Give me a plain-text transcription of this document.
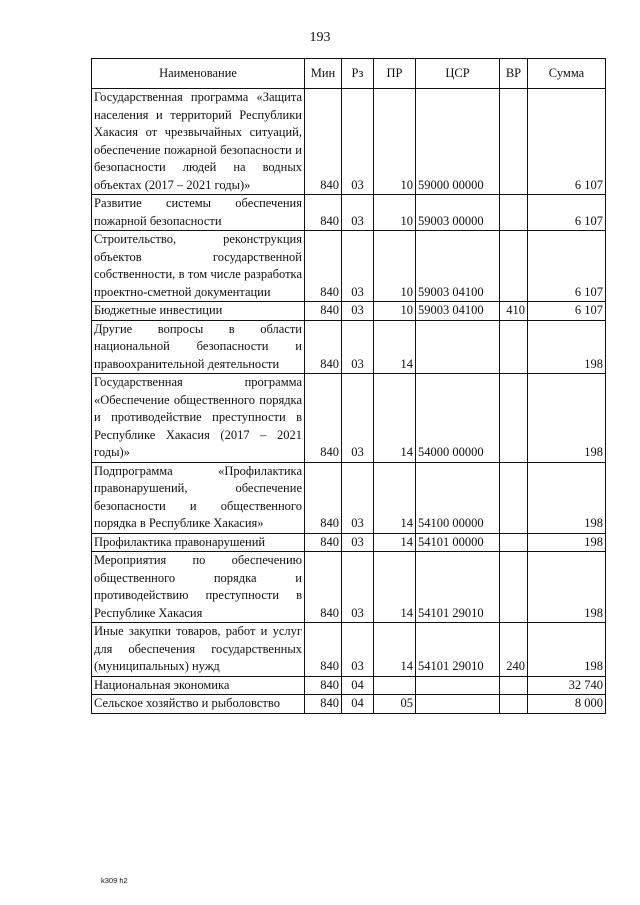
193
Наименование	Мин	Рз	ПР	ЦСР	ВР	Сумма
Государственная программа «Защита населения и территорий Республики Хакасия от чрезвычайных ситуаций, обеспечение пожарной безопасности и безопасности людей на водных объектах (2017 – 2021 годы)»	840	03	10	59000 00000		6 107
Развитие системы обеспечения пожарной безопасности	840	03	10	59003 00000		6 107
Строительство, реконструкция объектов государственной собственности, в том числе разработка проектно-сметной документации	840	03	10	59003 04100		6 107
Бюджетные инвестиции	840	03	10	59003 04100	410	6 107
Другие вопросы в области национальной безопасности и правоохранительной деятельности	840	03	14			198
Государственная программа «Обеспечение общественного порядка и противодействие преступности в Республике Хакасия (2017 – 2021 годы)»	840	03	14	54000 00000		198
Подпрограмма «Профилактика правонарушений, обеспечение безопасности и общественного порядка в Республике Хакасия»	840	03	14	54100 00000		198
Профилактика правонарушений	840	03	14	54101 00000		198
Мероприятия по обеспечению общественного порядка и противодействию преступности в Республике Хакасия	840	03	14	54101 29010		198
Иные закупки товаров, работ и услуг для обеспечения государственных (муниципальных) нужд	840	03	14	54101 29010	240	198
Национальная экономика	840	04				32 740
Сельское хозяйство и рыболовство	840	04	05			8 000
k309 h2
